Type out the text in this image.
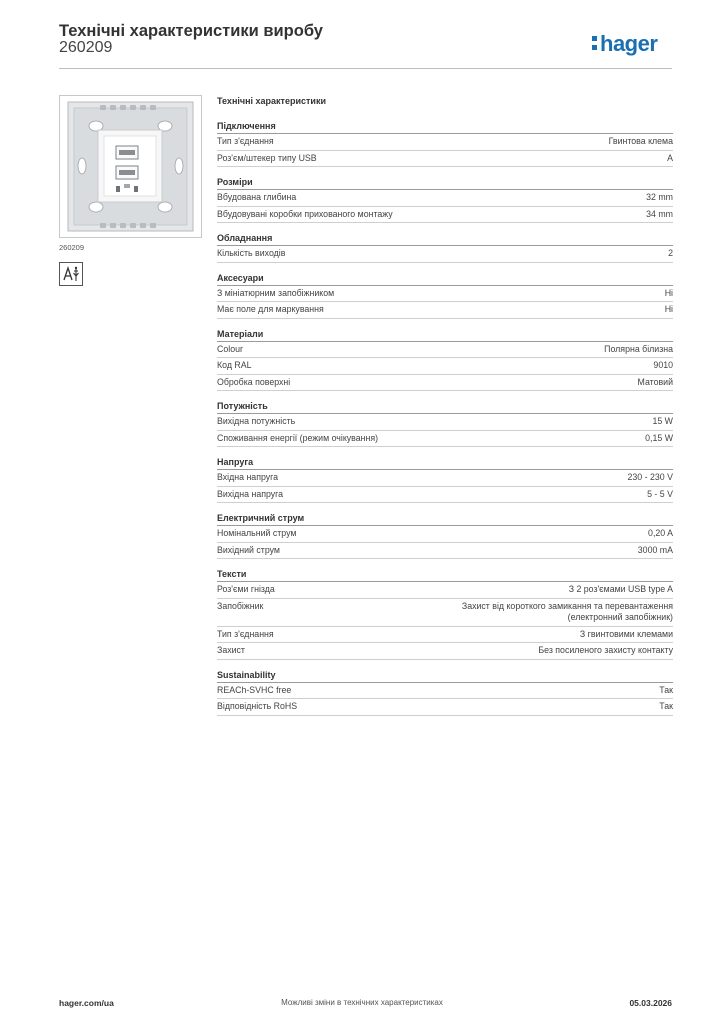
Технічні характеристики виробу
260209	hager
260209
Технічні характеристики
Підключення
Тип з'єднання	Гвинтова клема
Роз'єм/штекер типу USB	A
Розміри
Вбудована глибина	32 mm
Вбудовувані коробки прихованого монтажу	34 mm
Обладнання
Кількість виходів	2
Аксесуари
З мініатюрним запобіжником	Ні
Має поле для маркування	Ні
Матеріали
Colour	Полярна білизна
Код RAL	9010
Обробка поверхні	Матовий
Потужність
Вихідна потужність	15 W
Споживання енергії (режим очікування)	0,15 W
Напруга
Вхідна напруга	230 - 230 V
Вихідна напруга	5 - 5 V
Електричний струм
Номінальний струм	0,20 A
Вихідний струм	3000 mA
Тексти
Роз'єми гнізда	З 2 роз'ємами USB type A
Запобіжник	Захист від короткого замикання та перевантаження
(електронний запобіжник)
Тип з'єднання	З гвинтовими клемами
Захист	Без посиленого захисту контакту
Sustainability
REACh-SVHC free	Так
Відповідність RoHS	Так
hager.com/ua	Можливі зміни в технічних характеристиках	05.03.2026
